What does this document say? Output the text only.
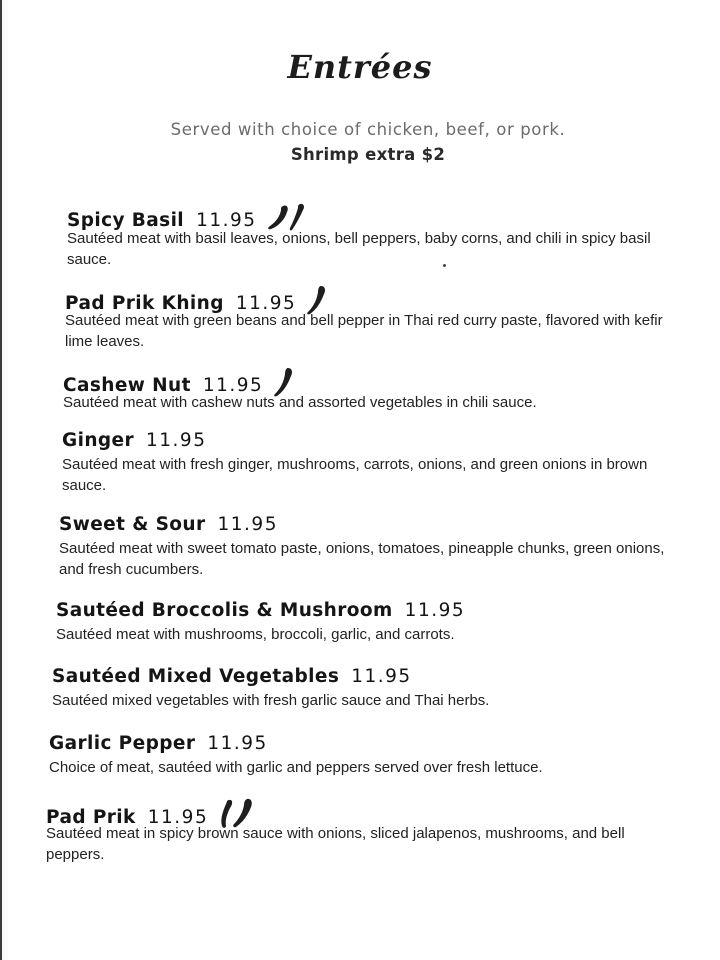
Entrées
Served with choice of chicken, beef, or pork.
Shrimp extra $2
Spicy Basil 11.95
Sautéed meat with basil leaves, onions, bell peppers, baby corns, and chili in spicy basil sauce.
Pad Prik Khing 11.95
Sautéed meat with green beans and bell pepper in Thai red curry paste, flavored with kefir lime leaves.
Cashew Nut 11.95
Sautéed meat with cashew nuts and assorted vegetables in chili sauce.
Ginger 11.95
Sautéed meat with fresh ginger, mushrooms, carrots, onions, and green onions in brown sauce.
Sweet & Sour 11.95
Sautéed meat with sweet tomato paste, onions, tomatoes, pineapple chunks, green onions, and fresh cucumbers.
Sautéed Broccolis & Mushroom 11.95
Sautéed meat with mushrooms, broccoli, garlic, and carrots.
Sautéed Mixed Vegetables 11.95
Sautéed mixed vegetables with fresh garlic sauce and Thai herbs.
Garlic Pepper 11.95
Choice of meat, sautéed with garlic and peppers served over fresh lettuce.
Pad Prik 11.95
Sautéed meat in spicy brown sauce with onions, sliced jalapenos, mushrooms, and bell peppers.
